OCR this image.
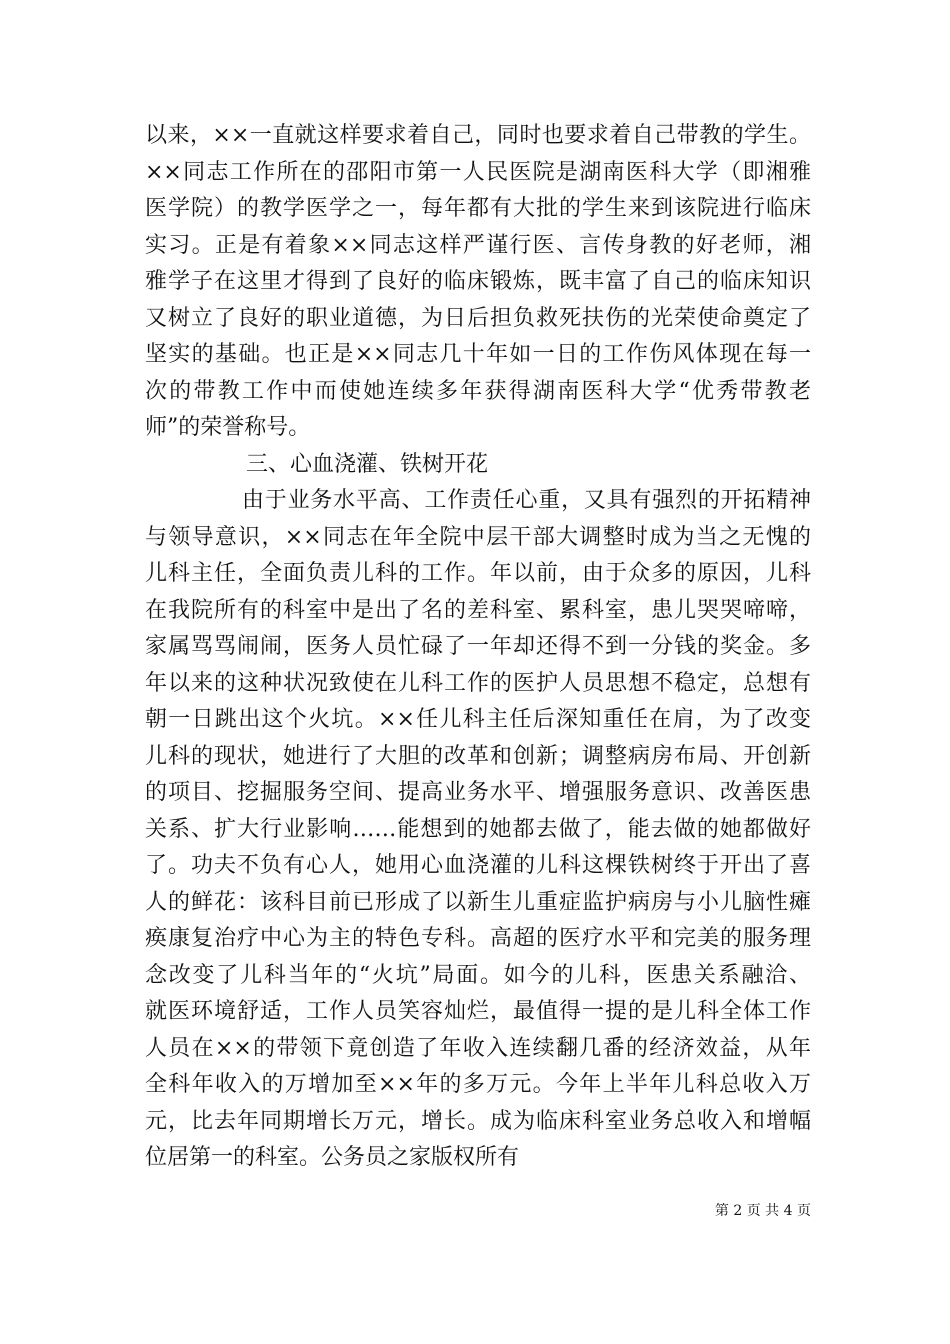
以来，××一直就这样要求着自己，同时也要求着自己带教的学生。
××同志工作所在的邵阳市第一人民医院是湖南医科大学（即湘雅
医学院）的教学医学之一，每年都有大批的学生来到该院进行临床
实习。正是有着象××同志这样严谨行医、言传身教的好老师，湘
雅学子在这里才得到了良好的临床锻炼，既丰富了自己的临床知识
又树立了良好的职业道德，为日后担负救死扶伤的光荣使命奠定了
坚实的基础。也正是××同志几十年如一日的工作伤风体现在每一
次的带教工作中而使她连续多年获得湖南医科大学“优秀带教老
师”的荣誉称号。
三、心血浇灌、铁树开花
由于业务水平高、工作责任心重，又具有强烈的开拓精神
与领导意识，××同志在年全院中层干部大调整时成为当之无愧的
儿科主任，全面负责儿科的工作。年以前，由于众多的原因，儿科
在我院所有的科室中是出了名的差科室、累科室，患儿哭哭啼啼，
家属骂骂闹闹，医务人员忙碌了一年却还得不到一分钱的奖金。多
年以来的这种状况致使在儿科工作的医护人员思想不稳定，总想有
朝一日跳出这个火坑。××任儿科主任后深知重任在肩，为了改变
儿科的现状，她进行了大胆的改革和创新；调整病房布局、开创新
的项目、挖掘服务空间、提高业务水平、增强服务意识、改善医患
关系、扩大行业影响……能想到的她都去做了，能去做的她都做好
了。功夫不负有心人，她用心血浇灌的儿科这棵铁树终于开出了喜
人的鲜花：该科目前已形成了以新生儿重症监护病房与小儿脑性瘫
痪康复治疗中心为主的特色专科。高超的医疗水平和完美的服务理
念改变了儿科当年的“火坑”局面。如今的儿科，医患关系融洽、
就医环境舒适，工作人员笑容灿烂，最值得一提的是儿科全体工作
人员在××的带领下竟创造了年收入连续翻几番的经济效益，从年
全科年收入的万增加至××年的多万元。今年上半年儿科总收入万
元，比去年同期增长万元，增长。成为临床科室业务总收入和增幅
位居第一的科室。公务员之家版权所有
第 2 页 共 4 页
